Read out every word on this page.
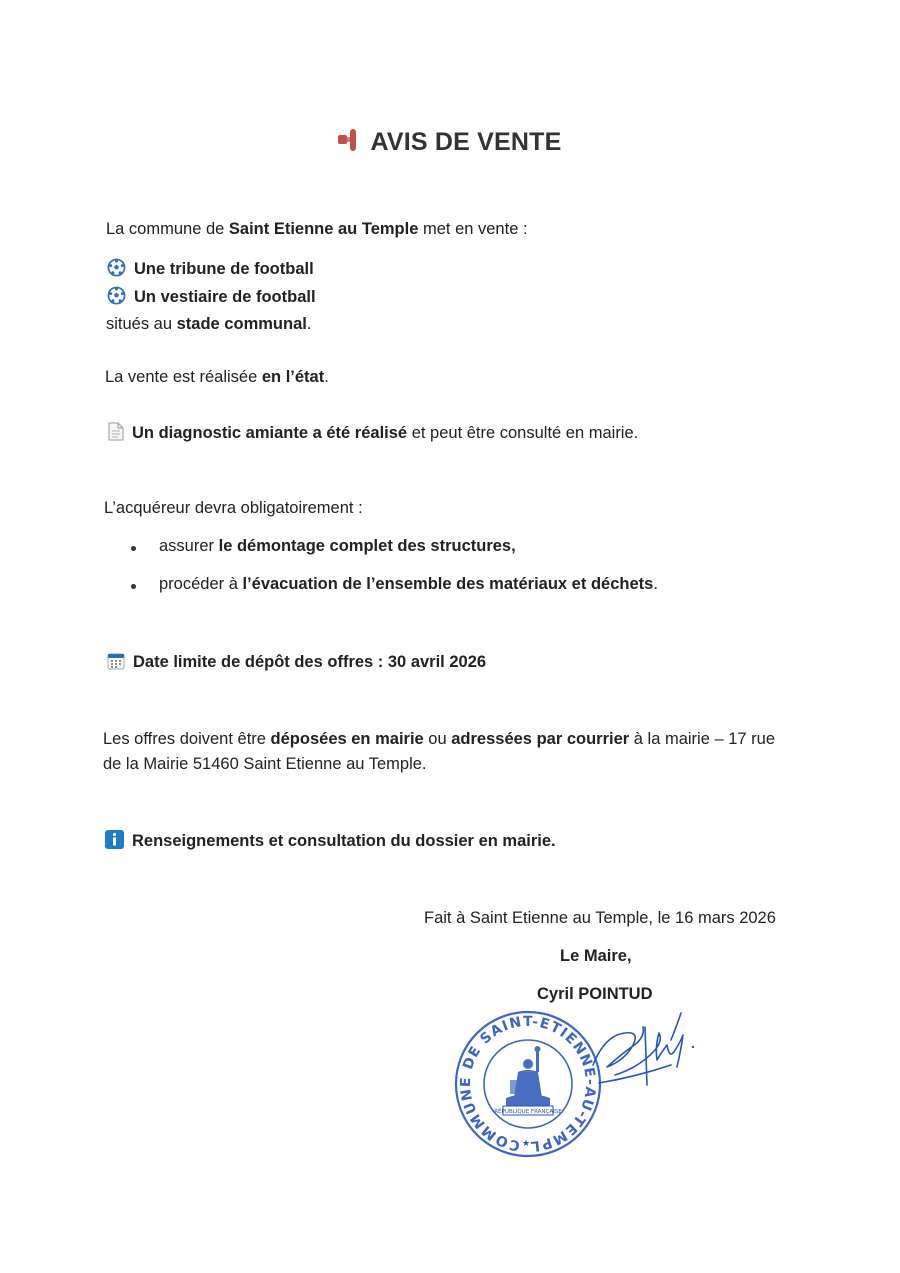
AVIS DE VENTE
La commune de Saint Etienne au Temple met en vente :
Une tribune de football
Un vestiaire de football
situés au stade communal.
La vente est réalisée en l’état.
Un diagnostic amiante a été réalisé et peut être consulté en mairie.
L’acquéreur devra obligatoirement :
assurer le démontage complet des structures,
procéder à l’évacuation de l’ensemble des matériaux et déchets.
Date limite de dépôt des offres : 30 avril 2026
Les offres doivent être déposées en mairie ou adressées par courrier à la mairie – 17 rue de la Mairie 51460 Saint Etienne au Temple.
Renseignements et consultation du dossier en mairie.
Fait à Saint Etienne au Temple, le 16 mars 2026
Le Maire,
Cyril POINTUD
COMMUNE DE SAINT-ETIENNE-AU-TEMPL
RÉPUBLIQUE FRANÇAISE
★
